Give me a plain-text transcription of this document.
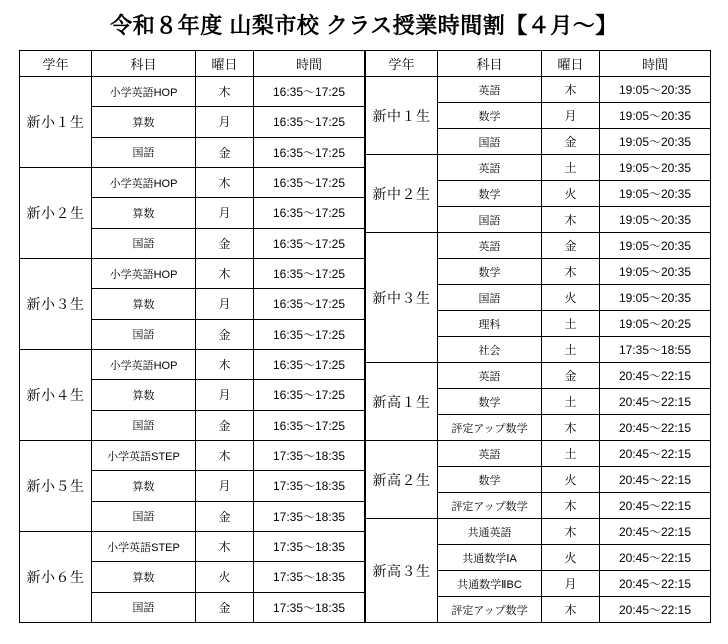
令和８年度 山梨市校 クラス授業時間割【４月〜】
学年	科目	曜日	時間
新小１生	小学英語HOP	木	16:35〜17:25
	算数	月	16:35〜17:25
	国語	金	16:35〜17:25
新小２生	小学英語HOP	木	16:35〜17:25
	算数	月	16:35〜17:25
	国語	金	16:35〜17:25
新小３生	小学英語HOP	木	16:35〜17:25
	算数	月	16:35〜17:25
	国語	金	16:35〜17:25
新小４生	小学英語HOP	木	16:35〜17:25
	算数	月	16:35〜17:25
	国語	金	16:35〜17:25
新小５生	小学英語STEP	木	17:35〜18:35
	算数	月	17:35〜18:35
	国語	金	17:35〜18:35
新小６生	小学英語STEP	木	17:35〜18:35
	算数	火	17:35〜18:35
	国語	金	17:35〜18:35
学年	科目	曜日	時間
新中１生	英語	木	19:05〜20:35
	数学	月	19:05〜20:35
	国語	金	19:05〜20:35
新中２生	英語	土	19:05〜20:35
	数学	火	19:05〜20:35
	国語	木	19:05〜20:35
新中３生	英語	金	19:05〜20:35
	数学	木	19:05〜20:35
	国語	火	19:05〜20:35
	理科	土	19:05〜20:25
	社会	土	17:35〜18:55
新高１生	英語	金	20:45〜22:15
	数学	土	20:45〜22:15
	評定アップ数学	木	20:45〜22:15
新高２生	英語	土	20:45〜22:15
	数学	火	20:45〜22:15
	評定アップ数学	木	20:45〜22:15
新高３生	共通英語	木	20:45〜22:15
	共通数学ⅠA	火	20:45〜22:15
	共通数学ⅡBC	月	20:45〜22:15
	評定アップ数学	木	20:45〜22:15
